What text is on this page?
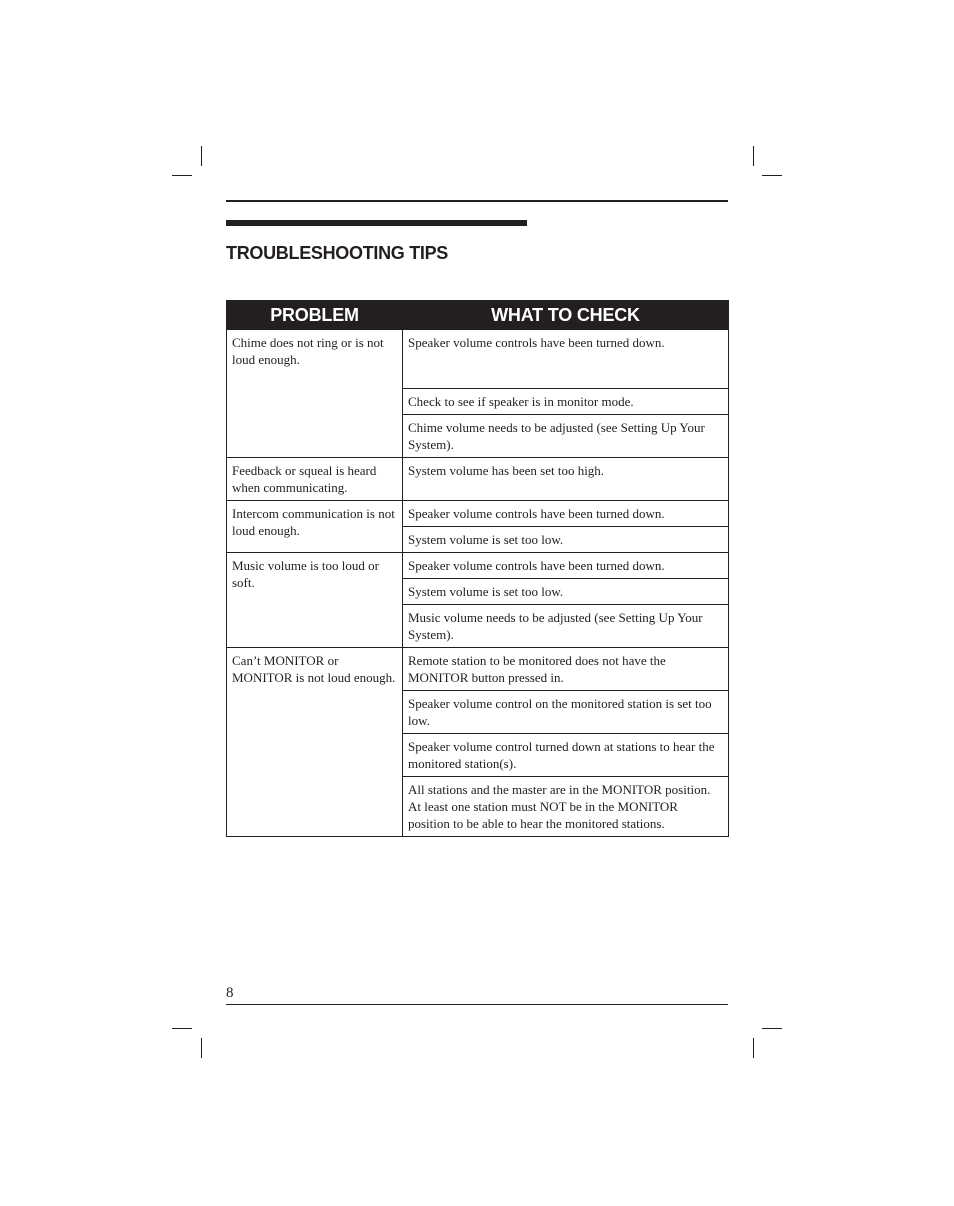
TROUBLESHOOTING TIPS
PROBLEM	WHAT TO CHECK
Chime does not ring or is not loud enough.	Speaker volume controls have been turned down.
	Check to see if speaker is in monitor mode.
	Chime volume needs to be adjusted (see Setting Up Your System).
Feedback or squeal is heard when communicating.	System volume has been set too high.
Intercom communication is not loud enough.	Speaker volume controls have been turned down.
	System volume is set too low.
Music volume is too loud or soft.	Speaker volume controls have been turned down.
	System volume is set too low.
	Music volume needs to be adjusted (see Setting Up Your System).
Can’t MONITOR or MONITOR is not loud enough.	Remote station to be monitored does not have the MONITOR button pressed in.
	Speaker volume control on the monitored station is set too low.
	Speaker volume control turned down at stations to hear the monitored station(s).
	All stations and the master are in the MONITOR position. At least one station must NOT be in the MONITOR position to be able to hear the monitored stations.
8
